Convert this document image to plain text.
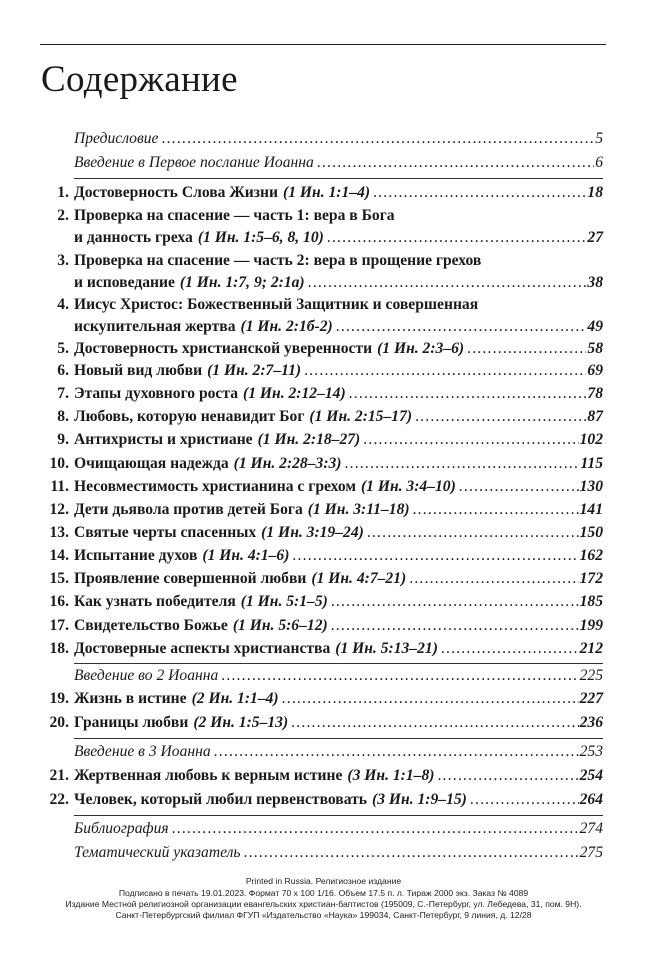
Содержание
Предисловие .....	5
Введение в Первое послание Иоанна .....	6
1. Достоверность Слова Жизни (1 Ин. 1:1–4) .....	18
2. Проверка на спасение — часть 1: вера в Бога
и данность греха (1 Ин. 1:5–6, 8, 10) .....	27
3. Проверка на спасение — часть 2: вера в прощение грехов
и исповедание (1 Ин. 1:7, 9; 2:1а) .....	38
4. Иисус Христос: Божественный Защитник и совершенная
искупительная жертва (1 Ин. 2:1б-2) .....	49
5. Достоверность христианской уверенности (1 Ин. 2:3–6) .....	58
6. Новый вид любви (1 Ин. 2:7–11) .....	69
7. Этапы духовного роста (1 Ин. 2:12–14) .....	78
8. Любовь, которую ненавидит Бог (1 Ин. 2:15–17) .....	87
9. Антихристы и христиане (1 Ин. 2:18–27) .....	102
10. Очищающая надежда (1 Ин. 2:28–3:3) .....	115
11. Несовместимость христианина с грехом (1 Ин. 3:4–10) .....	130
12. Дети дьявола против детей Бога (1 Ин. 3:11–18) .....	141
13. Святые черты спасенных (1 Ин. 3:19–24) .....	150
14. Испытание духов (1 Ин. 4:1–6) .....	162
15. Проявление совершенной любви (1 Ин. 4:7–21) .....	172
16. Как узнать победителя (1 Ин. 5:1–5) .....	185
17. Свидетельство Божье (1 Ин. 5:6–12) .....	199
18. Достоверные аспекты христианства (1 Ин. 5:13–21) .....	212
Введение во 2 Иоанна .....	225
19. Жизнь в истине (2 Ин. 1:1–4) .....	227
20. Границы любви (2 Ин. 1:5–13) .....	236
Введение в 3 Иоанна .....	253
21. Жертвенная любовь к верным истине (3 Ин. 1:1–8) .....	254
22. Человек, который любил первенствовать (3 Ин. 1:9–15) .....	264
Библиография .....	274
Тематический указатель .....	275
Printed in Russia. Религиозное издание
Подписано в печать 19.01.2023. Формат 70 х 100 1/16. Объем 17.5 п. л. Тираж 2000 экз. Заказ № 4089
Издание Местной религиозной организации евангельских христиан-баптистов (195009, С.-Петербург, ул. Лебедева, 31, пом. 9Н).
Санкт-Петербургский филиал ФГУП «Издательство «Наука» 199034, Санкт-Петербург, 9 линия, д. 12/28
